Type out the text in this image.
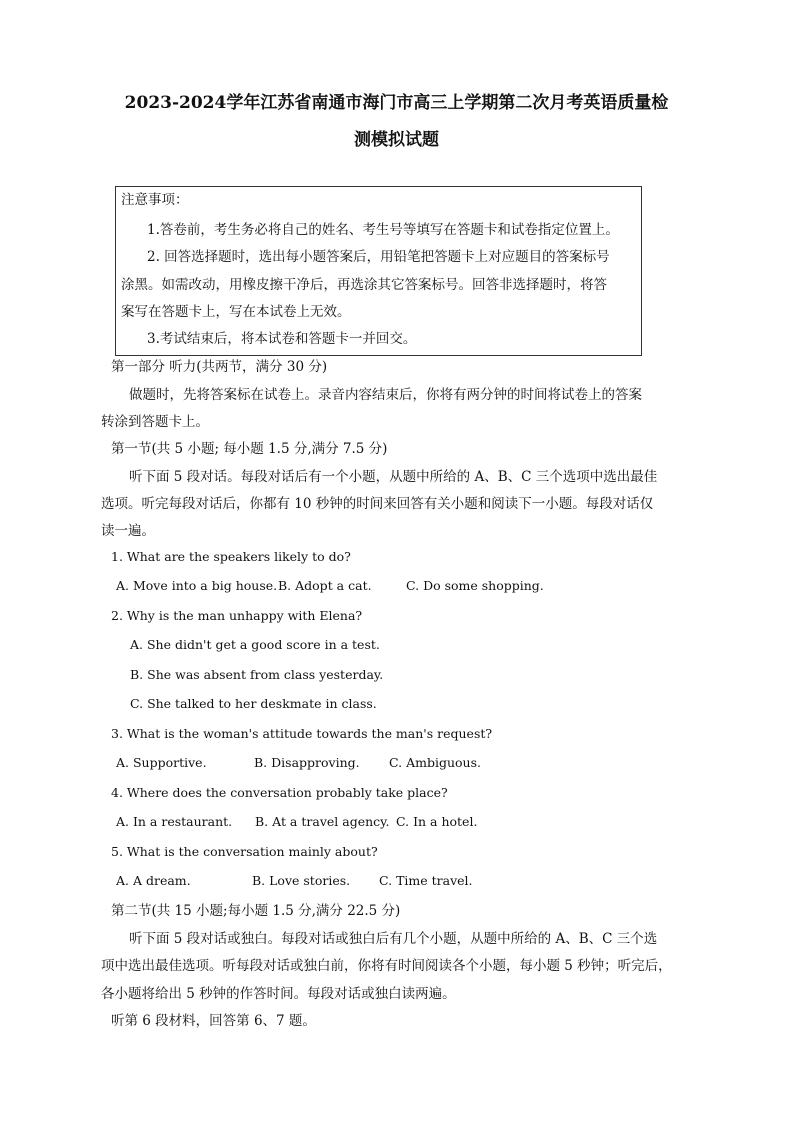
2023-2024学年江苏省南通市海门市高三上学期第二次月考英语质量检
测模拟试题
注意事项：
1.答卷前，考生务必将自己的姓名、考生号等填写在答题卡和试卷指定位置上。
2. 回答选择题时，选出每小题答案后，用铅笔把答题卡上对应题目的答案标号
涂黑。如需改动，用橡皮擦干净后，再选涂其它答案标号。回答非选择题时，将答
案写在答题卡上，写在本试卷上无效。
3.考试结束后，将本试卷和答题卡一并回交。
第一部分 听力(共两节，满分 30 分)
做题时，先将答案标在试卷上。录音内容结束后，你将有两分钟的时间将试卷上的答案
转涂到答题卡上。
第一节(共 5 小题; 每小题 1.5 分,满分 7.5 分)
听下面 5 段对话。每段对话后有一个小题，从题中所给的 A、B、C 三个选项中选出最佳
选项。听完每段对话后，你都有 10 秒钟的时间来回答有关小题和阅读下一小题。每段对话仅
读一遍。
1. What are the speakers likely to do?
A. Move into a big house. B. Adopt a cat.	C. Do some shopping.
2. Why is the man unhappy with Elena?
A. She didn't get a good score in a test.
B. She was absent from class yesterday.
C. She talked to her deskmate in class.
3. What is the woman's attitude towards the man's request?
A. Supportive.	B. Disapproving. C. Ambiguous.
4. Where does the conversation probably take place?
A. In a restaurant. B. At a travel agency. C. In a hotel.
5. What is the conversation mainly about?
A. A dream.	B. Love stories. C. Time travel.
第二节(共 15 小题;每小题 1.5 分,满分 22.5 分)
听下面 5 段对话或独白。每段对话或独白后有几个小题，从题中所给的 A、B、C 三个选
项中选出最佳选项。听每段对话或独白前，你将有时间阅读各个小题，每小题 5 秒钟；听完后，
各小题将给出 5 秒钟的作答时间。每段对话或独白读两遍。
听第 6 段材料，回答第 6、7 题。
